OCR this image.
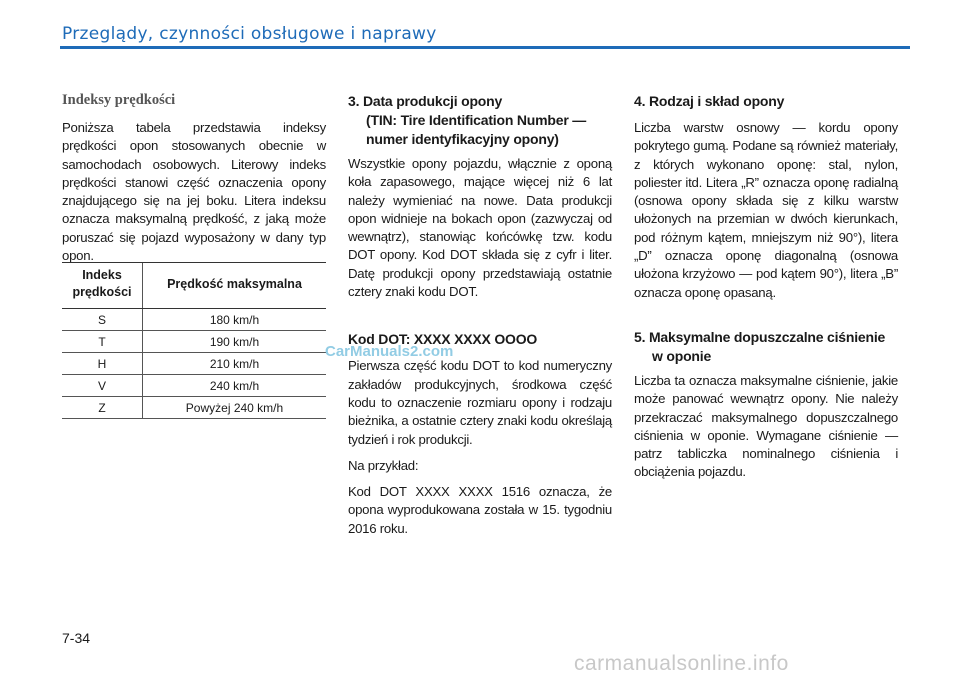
Przeglądy, czynności obsługowe i naprawy
Indeksy prędkości

Poniższa tabela przedstawia indeksy prędkości opon stosowanych obecnie w samochodach osobowych. Literowy indeks prędkości stanowi część oznaczenia opony znajdującego się na jej boku. Litera indeksu oznacza maksymalną prędkość, z jaką może poruszać się pojazd wyposażony w dany typ opon.

Indeks prędkości	Prędkość maksymalna
S	180 km/h
T	190 km/h
H	210 km/h
V	240 km/h
Z	Powyżej 240 km/h
3. Data produkcji opony
(TIN: Tire Identification Number —
numer identyfikacyjny opony)

Wszystkie opony pojazdu, włącznie z oponą koła zapasowego, mające więcej niż 6 lat należy wymieniać na nowe. Data produkcji opon widnieje na bokach opon (zazwyczaj od wewnątrz), stanowiąc końcówkę tzw. kodu DOT opony. Kod DOT składa się z cyfr i liter. Datę produkcji opony przedstawiają ostatnie cztery znaki kodu DOT.

Kod DOT: XXXX XXXX OOOO

Pierwsza część kodu DOT to kod numeryczny zakładów produkcyjnych, środkowa część kodu to oznaczenie rozmiaru opony i rodzaju bieżnika, a ostatnie cztery znaki kodu określają tydzień i rok produkcji.

Na przykład:

Kod DOT XXXX XXXX 1516 oznacza, że opona wyprodukowana została w 15. tygodniu 2016 roku.

4. Rodzaj i skład opony

Liczba warstw osnowy — kordu opony pokrytego gumą. Podane są również materiały, z których wykonano oponę: stal, nylon, poliester itd. Litera „R” oznacza oponę radialną (osnowa opony składa się z kilku warstw ułożonych na przemian w dwóch kierunkach, pod różnym kątem, mniejszym niż 90°), litera „D” oznacza oponę diagonalną (osnowa ułożona krzyżowo — pod kątem 90°), litera „B” oznacza oponę opasaną.

5. Maksymalne dopuszczalne ciśnienie
w oponie

Liczba ta oznacza maksymalne ciśnienie, jakie może panować wewnątrz opony. Nie należy przekraczać maksymalnego dopuszczalnego ciśnienia w oponie. Wymagane ciśnienie — patrz tabliczka nominalnego ciśnienia i obciążenia pojazdu.

CarManuals2.com
7-34
carmanualsonline.info
